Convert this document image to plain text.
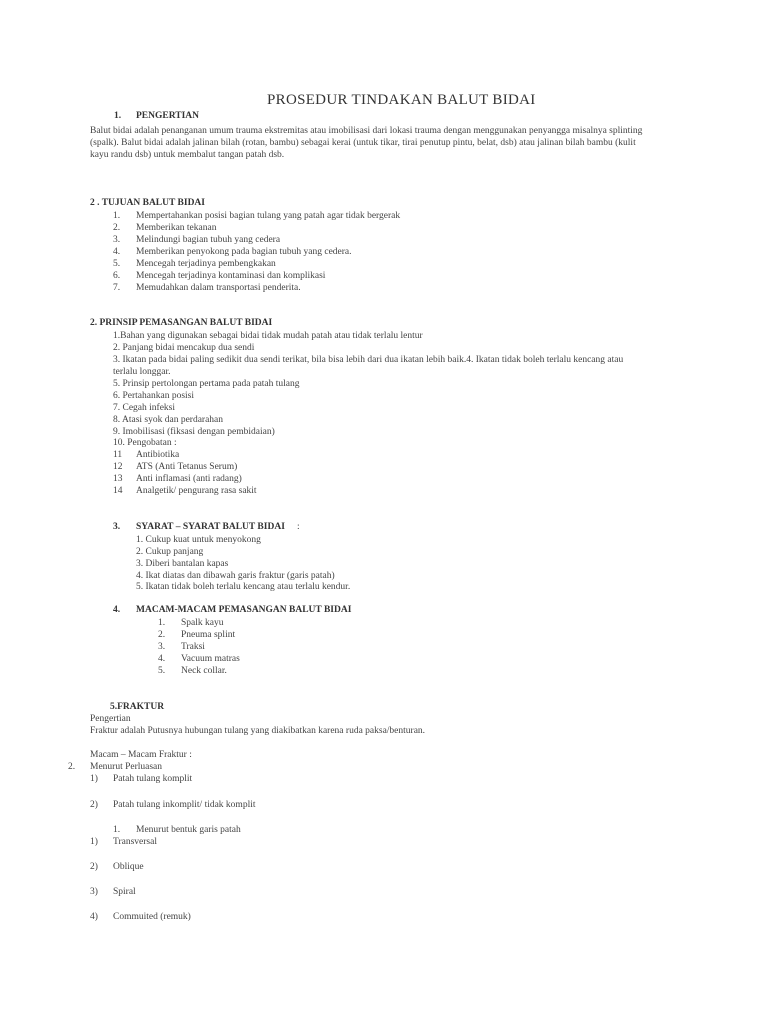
PROSEDUR TINDAKAN BALUT BIDAI
1. PENGERTIAN
Balut bidai adalah penanganan umum trauma ekstremitas atau imobilisasi dari lokasi trauma dengan menggunakan penyangga misalnya splinting
(spalk). Balut bidai adalah jalinan bilah (rotan, bambu) sebagai kerai (untuk tikar, tirai penutup pintu, belat, dsb) atau jalinan bilah bambu (kulit
kayu randu dsb) untuk membalut tangan patah dsb.
2 . TUJUAN BALUT BIDAI
1. Mempertahankan posisi bagian tulang yang patah agar tidak bergerak
2. Memberikan tekanan
3. Melindungi bagian tubuh yang cedera
4. Memberikan penyokong pada bagian tubuh yang cedera.
5. Mencegah terjadinya pembengkakan
6. Mencegah terjadinya kontaminasi dan komplikasi
7. Memudahkan dalam transportasi penderita.
2. PRINSIP PEMASANGAN BALUT BIDAI
1.Bahan yang digunakan sebagai bidai tidak mudah patah atau tidak terlalu lentur
2. Panjang bidai mencakup dua sendi
3. Ikatan pada bidai paling sedikit dua sendi terikat, bila bisa lebih dari dua ikatan lebih baik.4. Ikatan tidak boleh terlalu kencang atau
terlalu longgar.
5. Prinsip pertolongan pertama pada patah tulang
6. Pertahankan posisi
7. Cegah infeksi
8. Atasi syok dan perdarahan
9. Imobilisasi (fiksasi dengan pembidaian)
10. Pengobatan :
11 Antibiotika
12 ATS (Anti Tetanus Serum)
13 Anti inflamasi (anti radang)
14 Analgetik/ pengurang rasa sakit
3. SYARAT – SYARAT BALUT BIDAI :
1. Cukup kuat untuk menyokong
2. Cukup panjang
3. Diberi bantalan kapas
4. Ikat diatas dan dibawah garis fraktur (garis patah)
5. Ikatan tidak boleh terlalu kencang atau terlalu kendur.
4. MACAM-MACAM PEMASANGAN BALUT BIDAI
1. Spalk kayu
2. Pneuma splint
3. Traksi
4. Vacuum matras
5. Neck collar.
5.FRAKTUR
Pengertian
Fraktur adalah Putusnya hubungan tulang yang diakibatkan karena ruda paksa/benturan.
Macam – Macam Fraktur :
2. Menurut Perluasan
1) Patah tulang komplit
2) Patah tulang inkomplit/ tidak komplit
1. Menurut bentuk garis patah
1) Transversal
2) Oblique
3) Spiral
4) Commuited (remuk)
